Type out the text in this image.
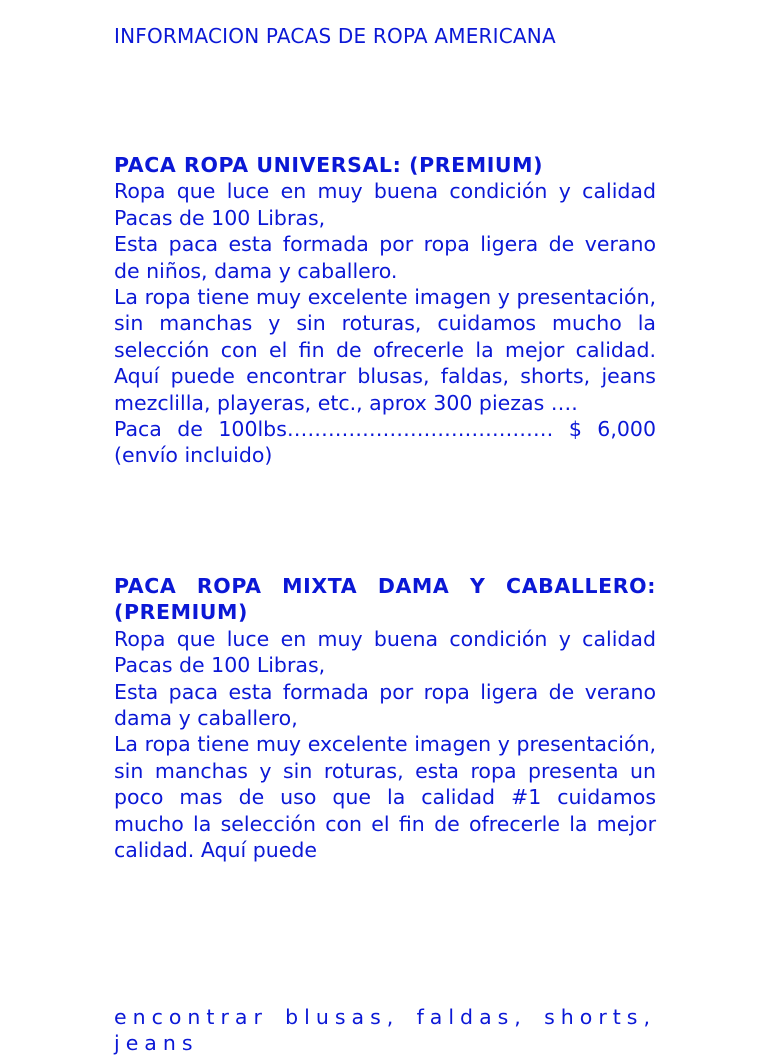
INFORMACION PACAS DE ROPA AMERICANA
PACA ROPA UNIVERSAL: (PREMIUM)

Ropa que luce en muy buena condición y calidad Pacas de 100 Libras,

Esta paca esta formada por ropa ligera de verano de niños, dama y caballero.

La ropa tiene muy excelente imagen y presentación, sin manchas y sin roturas, cuidamos mucho la selección con el fin de ofrecerle la mejor calidad. Aquí puede encontrar blusas, faldas, shorts, jeans mezclilla, playeras, etc., aprox 300 piezas ….

Paca de 100lbs………………………………… $ 6,000 (envío incluido)

PACA ROPA MIXTA DAMA Y CABALLERO: (PREMIUM)

Ropa que luce en muy buena condición y calidad Pacas de 100 Libras,

Esta paca esta formada por ropa ligera de verano dama y caballero,

La ropa tiene muy excelente imagen y presentación, sin manchas y sin roturas, esta ropa presenta un poco mas de uso que la calidad #1 cuidamos mucho la selección con el fin de ofrecerle la mejor calidad. Aquí puede

encontrar blusas, faldas, shorts, jeans
